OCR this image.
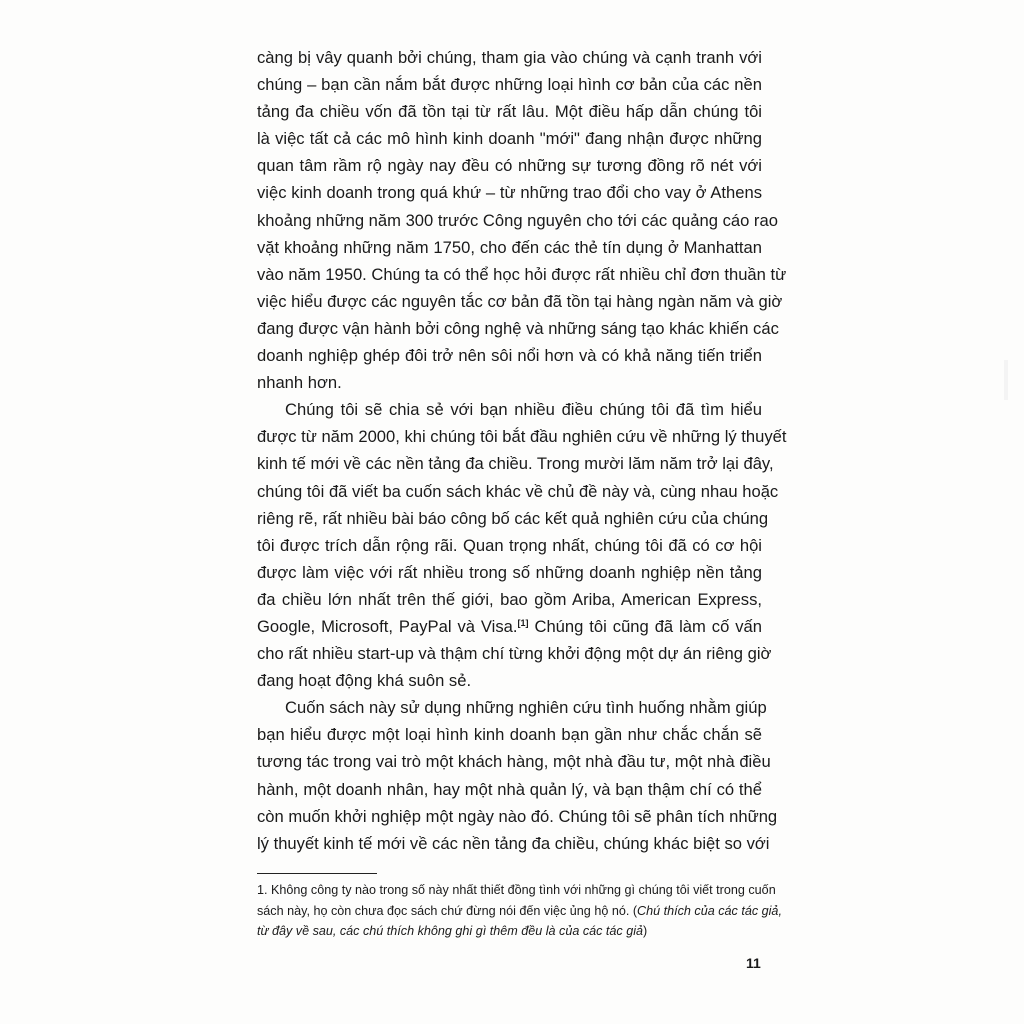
càng bị vây quanh bởi chúng, tham gia vào chúng và cạnh tranh với
chúng – bạn cần nắm bắt được những loại hình cơ bản của các nền
tảng đa chiều vốn đã tồn tại từ rất lâu. Một điều hấp dẫn chúng tôi
là việc tất cả các mô hình kinh doanh "mới" đang nhận được những
quan tâm rầm rộ ngày nay đều có những sự tương đồng rõ nét với
việc kinh doanh trong quá khứ – từ những trao đổi cho vay ở Athens
khoảng những năm 300 trước Công nguyên cho tới các quảng cáo rao
vặt khoảng những năm 1750, cho đến các thẻ tín dụng ở Manhattan
vào năm 1950. Chúng ta có thể học hỏi được rất nhiều chỉ đơn thuần từ
việc hiểu được các nguyên tắc cơ bản đã tồn tại hàng ngàn năm và giờ
đang được vận hành bởi công nghệ và những sáng tạo khác khiến các
doanh nghiệp ghép đôi trở nên sôi nổi hơn và có khả năng tiến triển
nhanh hơn.
Chúng tôi sẽ chia sẻ với bạn nhiều điều chúng tôi đã tìm hiểu
được từ năm 2000, khi chúng tôi bắt đầu nghiên cứu về những lý thuyết
kinh tế mới về các nền tảng đa chiều. Trong mười lăm năm trở lại đây,
chúng tôi đã viết ba cuốn sách khác về chủ đề này và, cùng nhau hoặc
riêng rẽ, rất nhiều bài báo công bố các kết quả nghiên cứu của chúng
tôi được trích dẫn rộng rãi. Quan trọng nhất, chúng tôi đã có cơ hội
được làm việc với rất nhiều trong số những doanh nghiệp nền tảng
đa chiều lớn nhất trên thế giới, bao gồm Ariba, American Express,
Google, Microsoft, PayPal và Visa.[1] Chúng tôi cũng đã làm cố vấn
cho rất nhiều start-up và thậm chí từng khởi động một dự án riêng giờ
đang hoạt động khá suôn sẻ.
Cuốn sách này sử dụng những nghiên cứu tình huống nhằm giúp
bạn hiểu được một loại hình kinh doanh bạn gần như chắc chắn sẽ
tương tác trong vai trò một khách hàng, một nhà đầu tư, một nhà điều
hành, một doanh nhân, hay một nhà quản lý, và bạn thậm chí có thể
còn muốn khởi nghiệp một ngày nào đó. Chúng tôi sẽ phân tích những
lý thuyết kinh tế mới về các nền tảng đa chiều, chúng khác biệt so với
1. Không công ty nào trong số này nhất thiết đồng tình với những gì chúng tôi viết trong cuốn
sách này, họ còn chưa đọc sách chứ đừng nói đến việc ủng hộ nó. (Chú thích của các tác giả,
từ đây về sau, các chú thích không ghi gì thêm đều là của các tác giả)
11
